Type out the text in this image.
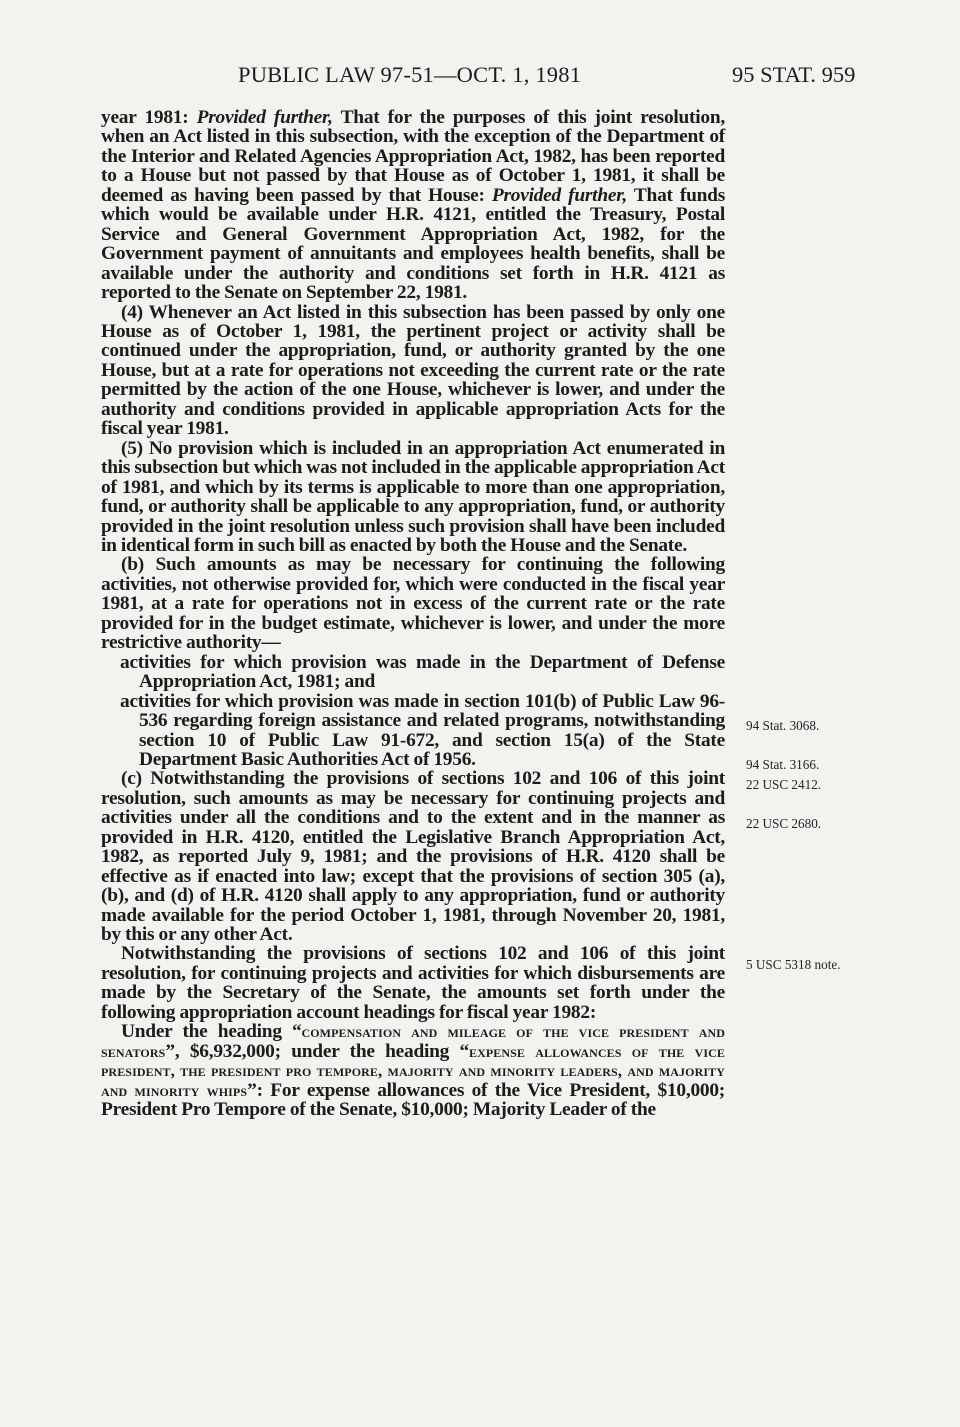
PUBLIC LAW 97-51—OCT. 1, 1981	95 STAT. 959

year 1981: Provided further, That for the purposes of this joint resolution, when an Act listed in this subsection, with the exception of the Department of the Interior and Related Agencies Appropriation Act, 1982, has been reported to a House but not passed by that House as of October 1, 1981, it shall be deemed as having been passed by that House: Provided further, That funds which would be available under H.R. 4121, entitled the Treasury, Postal Service and General Government Appropriation Act, 1982, for the Government payment of annuitants and employees health benefits, shall be available under the authority and conditions set forth in H.R. 4121 as reported to the Senate on September 22, 1981.

(4) Whenever an Act listed in this subsection has been passed by only one House as of October 1, 1981, the pertinent project or activity shall be continued under the appropriation, fund, or authority granted by the one House, but at a rate for operations not exceeding the current rate or the rate permitted by the action of the one House, whichever is lower, and under the authority and conditions provided in applicable appropriation Acts for the fiscal year 1981.

(5) No provision which is included in an appropriation Act enumerated in this subsection but which was not included in the applicable appropriation Act of 1981, and which by its terms is applicable to more than one appropriation, fund, or authority shall be applicable to any appropriation, fund, or authority provided in the joint resolution unless such provision shall have been included in identical form in such bill as enacted by both the House and the Senate.

(b) Such amounts as may be necessary for continuing the following activities, not otherwise provided for, which were conducted in the fiscal year 1981, at a rate for operations not in excess of the current rate or the rate provided for in the budget estimate, whichever is lower, and under the more restrictive authority—

activities for which provision was made in the Department of Defense Appropriation Act, 1981; and

activities for which provision was made in section 101(b) of Public Law 96-536 regarding foreign assistance and related programs, notwithstanding section 10 of Public Law 91-672, and section 15(a) of the State Department Basic Authorities Act of 1956.

(c) Notwithstanding the provisions of sections 102 and 106 of this joint resolution, such amounts as may be necessary for continuing projects and activities under all the conditions and to the extent and in the manner as provided in H.R. 4120, entitled the Legislative Branch Appropriation Act, 1982, as reported July 9, 1981; and the provisions of H.R. 4120 shall be effective as if enacted into law; except that the provisions of section 305 (a), (b), and (d) of H.R. 4120 shall apply to any appropriation, fund or authority made available for the period October 1, 1981, through November 20, 1981, by this or any other Act.

Notwithstanding the provisions of sections 102 and 106 of this joint resolution, for continuing projects and activities for which disbursements are made by the Secretary of the Senate, the amounts set forth under the following appropriation account headings for fiscal year 1982:

Under the heading “compensation and mileage of the vice president and senators”, $6,932,000; under the heading “expense allowances of the vice president, the president pro tempore, majority and minority leaders, and majority and minority whips”: For expense allowances of the Vice President, $10,000; President Pro Tempore of the Senate, $10,000; Majority Leader of the

94 Stat. 3068.
94 Stat. 3166.
22 USC 2412.
22 USC 2680.
5 USC 5318 note.
